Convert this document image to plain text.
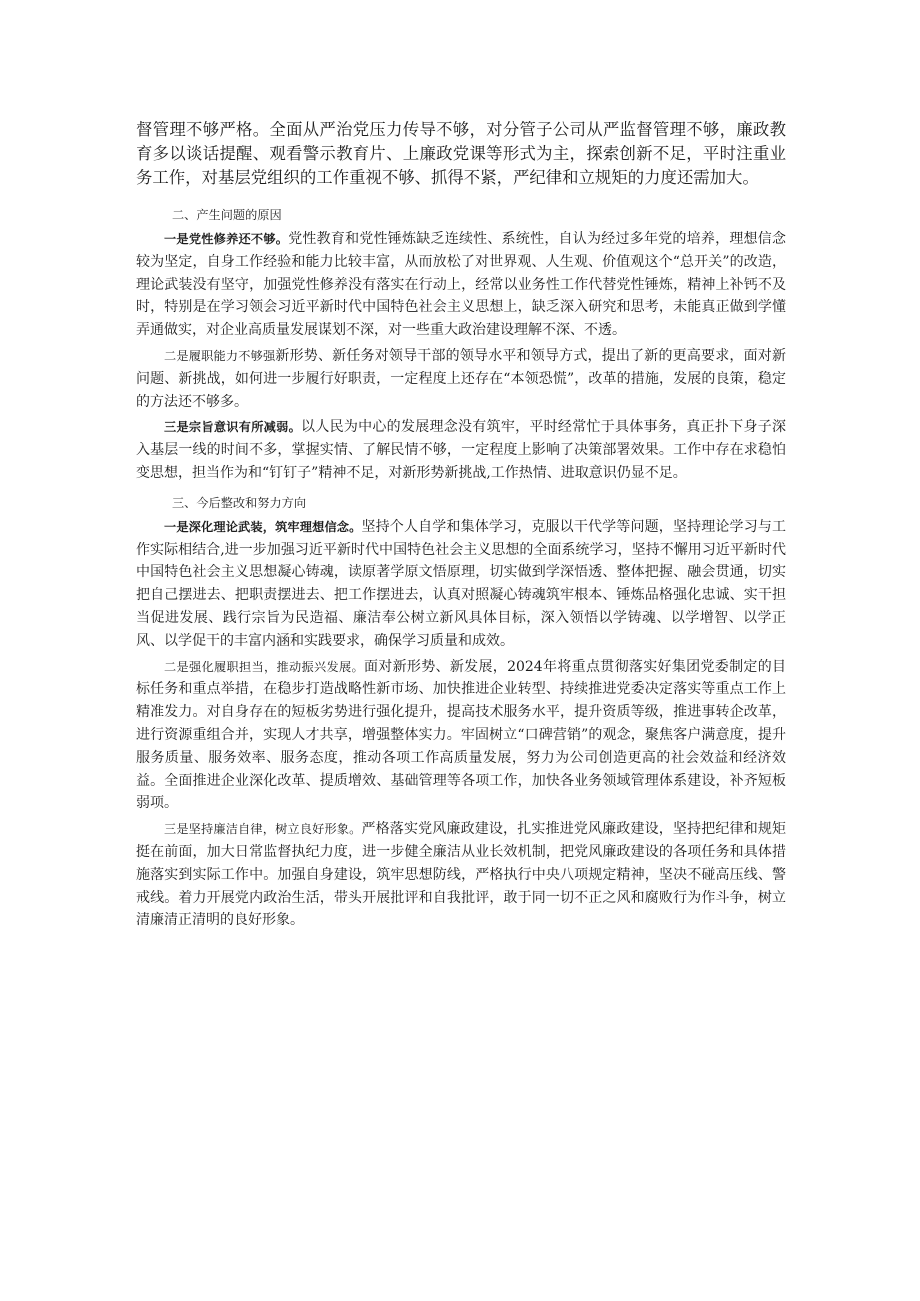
督管理不够严格。全面从严治党压力传导不够，对分管子公司从严监督管理不够，廉政教育多以谈话提醒、观看警示教育片、上廉政党课等形式为主，探索创新不足，平时注重业务工作，对基层党组织的工作重视不够、抓得不紧，严纪律和立规矩的力度还需加大。

二、产生问题的原因

一是党性修养还不够。党性教育和党性锤炼缺乏连续性、系统性，自认为经过多年党的培养，理想信念较为坚定，自身工作经验和能力比较丰富，从而放松了对世界观、人生观、价值观这个“总开关”的改造，理论武装没有坚守，加强党性修养没有落实在行动上，经常以业务性工作代替党性锤炼，精神上补钙不及时，特别是在学习领会习近平新时代中国特色社会主义思想上，缺乏深入研究和思考，未能真正做到学懂弄通做实，对企业高质量发展谋划不深，对一些重大政治建设理解不深、不透。

二是履职能力不够强新形势、新任务对领导干部的领导水平和领导方式，提出了新的更高要求，面对新问题、新挑战，如何进一步履行好职责，一定程度上还存在“本领恐慌”，改革的措施，发展的良策，稳定的方法还不够多。

三是宗旨意识有所减弱。以人民为中心的发展理念没有筑牢，平时经常忙于具体事务，真正扑下身子深入基层一线的时间不多，掌握实情、了解民情不够，一定程度上影响了决策部署效果。工作中存在求稳怕变思想，担当作为和“钉钉子”精神不足，对新形势新挑战,工作热情、进取意识仍显不足。

三、今后整改和努力方向

一是深化理论武装，筑牢理想信念。坚持个人自学和集体学习，克服以干代学等问题，坚持理论学习与工作实际相结合,进一步加强习近平新时代中国特色社会主义思想的全面系统学习，坚持不懈用习近平新时代中国特色社会主义思想凝心铸魂，读原著学原文悟原理，切实做到学深悟透、整体把握、融会贯通，切实把自己摆进去、把职责摆进去、把工作摆进去，认真对照凝心铸魂筑牢根本、锤炼品格强化忠诚、实干担当促进发展、践行宗旨为民造福、廉洁奉公树立新风具体目标，深入领悟以学铸魂、以学增智、以学正风、以学促干的丰富内涵和实践要求，确保学习质量和成效。

二是强化履职担当，推动振兴发展。面对新形势、新发展，2024年将重点贯彻落实好集团党委制定的目标任务和重点举措，在稳步打造战略性新市场、加快推进企业转型、持续推进党委决定落实等重点工作上精准发力。对自身存在的短板劣势进行强化提升，提高技术服务水平，提升资质等级，推进事转企改革，进行资源重组合并，实现人才共享，增强整体实力。牢固树立“口碑营销”的观念，聚焦客户满意度，提升服务质量、服务效率、服务态度，推动各项工作高质量发展，努力为公司创造更高的社会效益和经济效益。全面推进企业深化改革、提质增效、基础管理等各项工作，加快各业务领域管理体系建设，补齐短板弱项。

三是坚持廉洁自律，树立良好形象。严格落实党风廉政建设，扎实推进党风廉政建设，坚持把纪律和规矩挺在前面，加大日常监督执纪力度，进一步健全廉洁从业长效机制，把党风廉政建设的各项任务和具体措施落实到实际工作中。加强自身建设，筑牢思想防线，严格执行中央八项规定精神，坚决不碰高压线、警戒线。着力开展党内政治生活，带头开展批评和自我批评，敢于同一切不正之风和腐败行为作斗争，树立清廉清正清明的良好形象。
